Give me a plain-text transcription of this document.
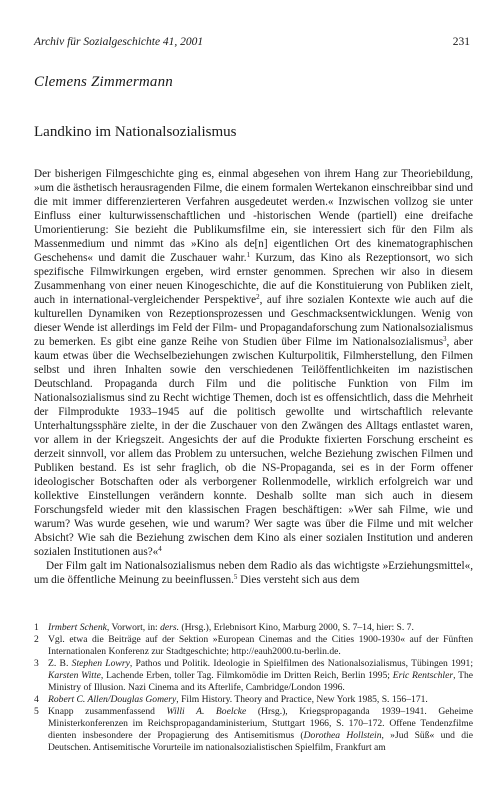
Archiv für Sozialgeschichte 41, 2001	231
Clemens Zimmermann
Landkino im Nationalsozialismus

Der bisherigen Filmgeschichte ging es, einmal abgesehen von ihrem Hang zur Theoriebildung, »um die ästhetisch herausragenden Filme, die einem formalen Wertekanon einschreibbar sind und die mit immer differenzierteren Verfahren ausgedeutet werden.« Inzwischen vollzog sie unter Einfluss einer kulturwissenschaftlichen und -historischen Wende (partiell) eine dreifache Umorientierung: Sie bezieht die Publikumsfilme ein, sie interessiert sich für den Film als Massenmedium und nimmt das »Kino als de[n] eigentlichen Ort des kinematographischen Geschehens« und damit die Zuschauer wahr.$^1$ Kurzum, das Kino als Rezeptionsort, wo sich spezifische Filmwirkungen ergeben, wird ernster genommen. Sprechen wir also in diesem Zusammenhang von einer neuen Kinogeschichte, die auf die Konstituierung von Publiken zielt, auch in international-vergleichender Perspektive$^2$, auf ihre sozialen Kontexte wie auch auf die kulturellen Dynamiken von Rezeptionsprozessen und Geschmacksentwicklungen. Wenig von dieser Wende ist allerdings im Feld der Film- und Propagandaforschung zum Nationalsozialismus zu bemerken. Es gibt eine ganze Reihe von Studien über Filme im Nationalsozialismus$^3$, aber kaum etwas über die Wechselbeziehungen zwischen Kulturpolitik, Filmherstellung, den Filmen selbst und ihren Inhalten sowie den verschiedenen Teilöffentlichkeiten im nazistischen Deutschland. Propaganda durch Film und die politische Funktion von Film im Nationalsozialismus sind zu Recht wichtige Themen, doch ist es offensichtlich, dass die Mehrheit der Filmprodukte 1933–1945 auf die politisch gewollte und wirtschaftlich relevante Unterhaltungssphäre zielte, in der die Zuschauer von den Zwängen des Alltags entlastet waren, vor allem in der Kriegszeit. Angesichts der auf die Produkte fixierten Forschung erscheint es derzeit sinnvoll, vor allem das Problem zu untersuchen, welche Beziehung zwischen Filmen und Publiken bestand. Es ist sehr fraglich, ob die NS-Propaganda, sei es in der Form offener ideologischer Botschaften oder als verborgener Rollenmodelle, wirklich erfolgreich war und kollektive Einstellungen verändern konnte. Deshalb sollte man sich auch in diesem Forschungsfeld wieder mit den klassischen Fragen beschäftigen: »Wer sah Filme, wie und warum? Was wurde gesehen, wie und warum? Wer sagte was über die Filme und mit welcher Absicht? Wie sah die Beziehung zwischen dem Kino als einer sozialen Institution und anderen sozialen Institutionen aus?«$^4$

Der Film galt im Nationalsozialismus neben dem Radio als das wichtigste »Erziehungsmittel«, um die öffentliche Meinung zu beeinflussen.$^5$ Dies versteht sich aus dem

1 Irmbert Schenk, Vorwort, in: ders. (Hrsg.), Erlebnisort Kino, Marburg 2000, S. 7–14, hier: S. 7.
2 Vgl. etwa die Beiträge auf der Sektion »European Cinemas and the Cities 1900-1930« auf der Fünften Internationalen Konferenz zur Stadtgeschichte; http://eauh2000.tu-berlin.de.
3 Z. B. Stephen Lowry, Pathos und Politik. Ideologie in Spielfilmen des Nationalsozialismus, Tübingen 1991; Karsten Witte, Lachende Erben, toller Tag. Filmkomödie im Dritten Reich, Berlin 1995; Eric Rentschler, The Ministry of Illusion. Nazi Cinema and its Afterlife, Cambridge/London 1996.
4 Robert C. Allen/Douglas Gomery, Film History. Theory and Practice, New York 1985, S. 156–171.
5 Knapp zusammenfassend Willi A. Boelcke (Hrsg.), Kriegspropaganda 1939–1941. Geheime Ministerkonferenzen im Reichspropagandaministerium, Stuttgart 1966, S. 170–172. Offene Tendenzfilme dienten insbesondere der Propagierung des Antisemitismus (Dorothea Hollstein, »Jud Süß« und die Deutschen. Antisemitische Vorurteile im nationalsozialistischen Spielfilm, Frankfurt am
